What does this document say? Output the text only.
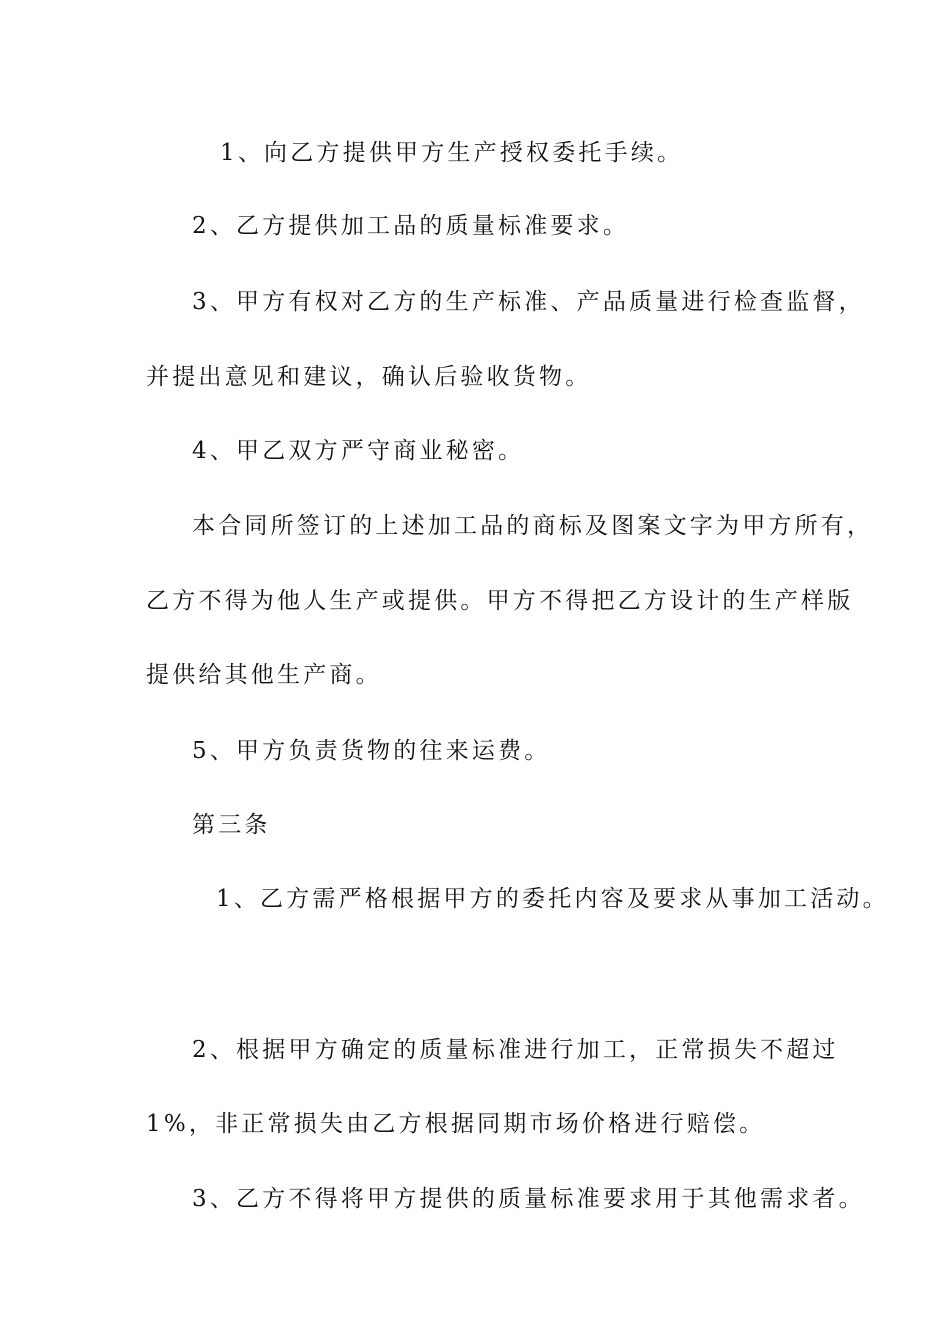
1、向乙方提供甲方生产授权委托手续。
2、乙方提供加工品的质量标准要求。
3、甲方有权对乙方的生产标准、产品质量进行检查监督，
并提出意见和建议，确认后验收货物。
4、甲乙双方严守商业秘密。
本合同所签订的上述加工品的商标及图案文字为甲方所有，
乙方不得为他人生产或提供。甲方不得把乙方设计的生产样版
提供给其他生产商。
5、甲方负责货物的往来运费。
第三条
1、乙方需严格根据甲方的委托内容及要求从事加工活动。
2、根据甲方确定的质量标准进行加工，正常损失不超过
1%，非正常损失由乙方根据同期市场价格进行赔偿。
3、乙方不得将甲方提供的质量标准要求用于其他需求者。
